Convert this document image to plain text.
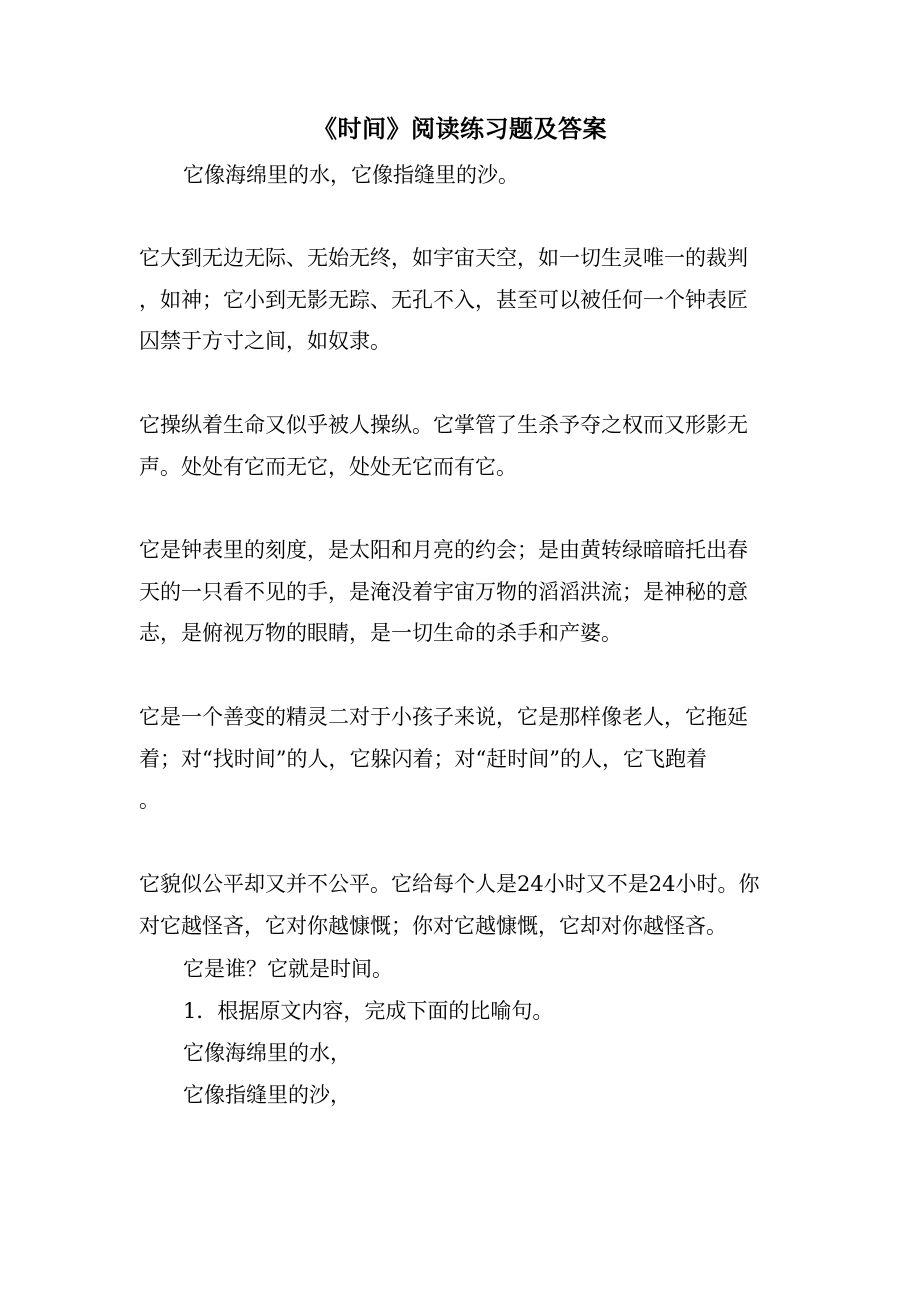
《时间》阅读练习题及答案

它像海绵里的水，它像指缝里的沙。

它大到无边无际、无始无终，如宇宙天空，如一切生灵唯一的裁判
，如神；它小到无影无踪、无孔不入，甚至可以被任何一个钟表匠
囚禁于方寸之间，如奴隶。

它操纵着生命又似乎被人操纵。它掌管了生杀予夺之权而又形影无
声。处处有它而无它，处处无它而有它。

它是钟表里的刻度，是太阳和月亮的约会；是由黄转绿暗暗托出春
天的一只看不见的手，是淹没着宇宙万物的滔滔洪流；是神秘的意
志，是俯视万物的眼睛，是一切生命的杀手和产婆。

它是一个善变的精灵二对于小孩子来说，它是那样像老人，它拖延
着；对“找时间”的人，它躲闪着；对“赶时间”的人，它飞跑着
。

它貌似公平却又并不公平。它给每个人是24小时又不是24小时。你
对它越怪吝，它对你越慷慨；你对它越慷慨，它却对你越怪吝。

它是谁？它就是时间。

1．根据原文内容，完成下面的比喻句。

它像海绵里的水，

它像指缝里的沙，
